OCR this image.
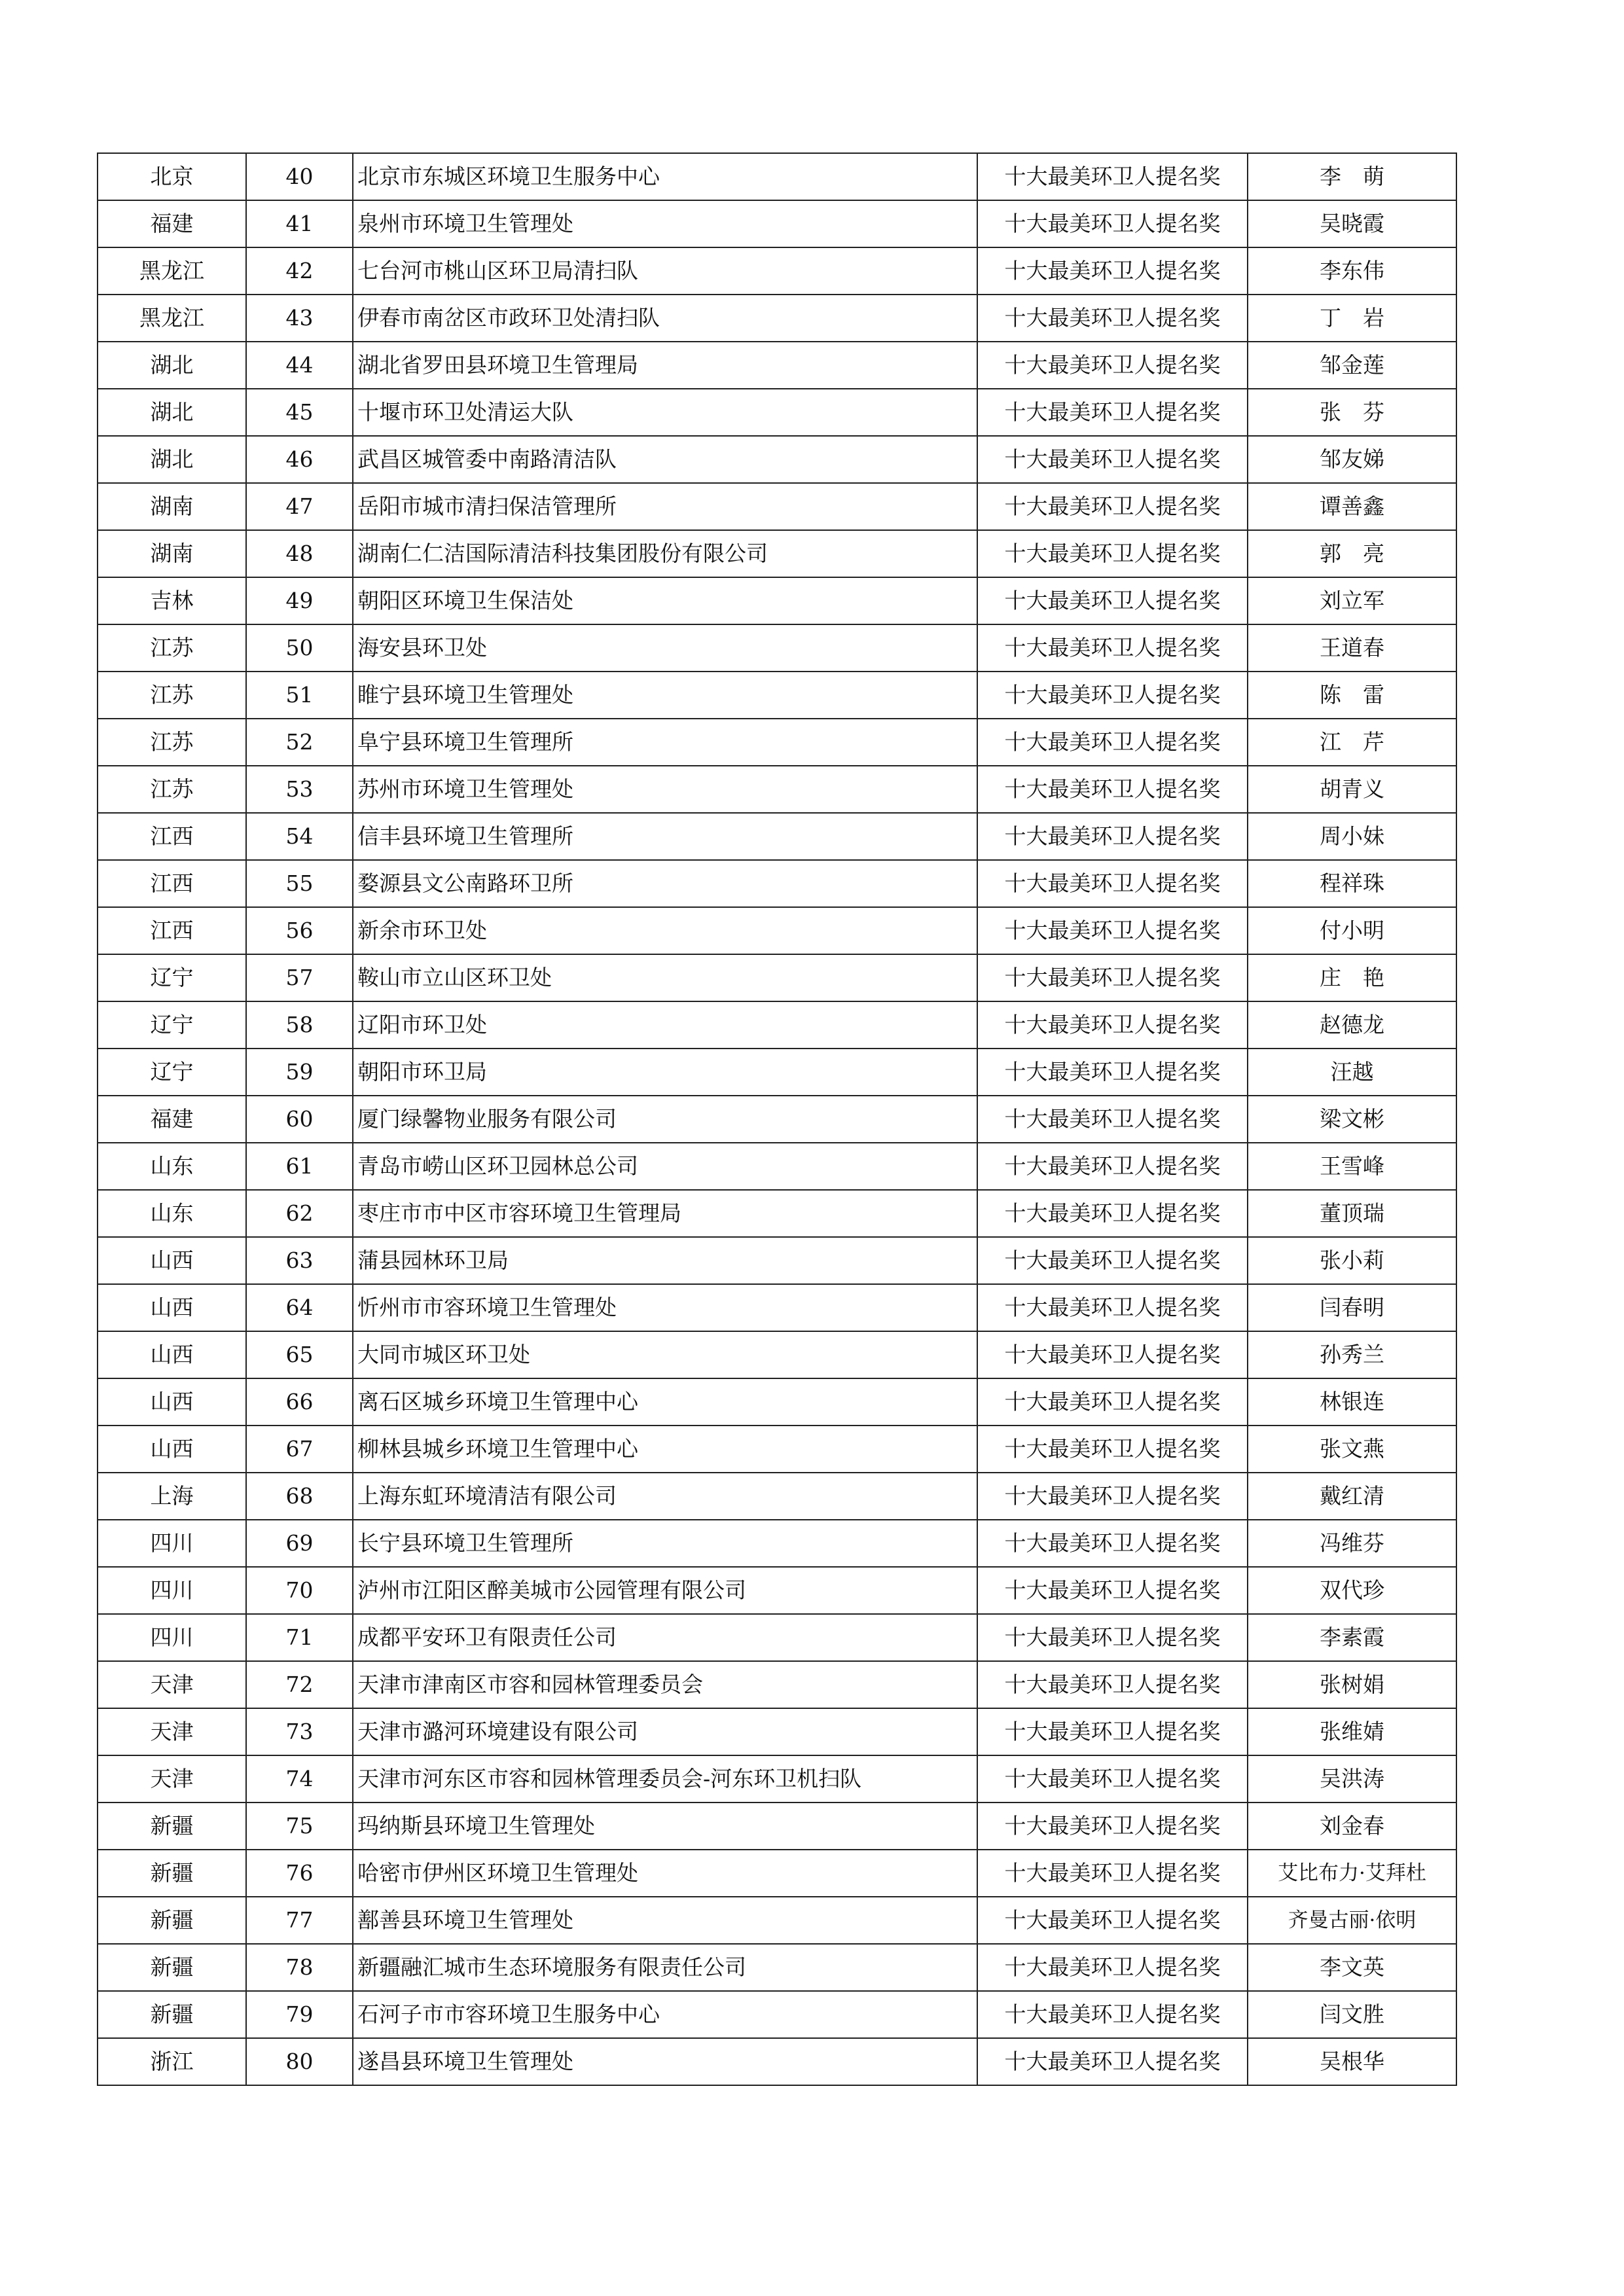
北京	40	北京市东城区环境卫生服务中心	十大最美环卫人提名奖	李　萌
福建	41	泉州市环境卫生管理处	十大最美环卫人提名奖	吴晓霞
黑龙江	42	七台河市桃山区环卫局清扫队	十大最美环卫人提名奖	李东伟
黑龙江	43	伊春市南岔区市政环卫处清扫队	十大最美环卫人提名奖	丁　岩
湖北	44	湖北省罗田县环境卫生管理局	十大最美环卫人提名奖	邹金莲
湖北	45	十堰市环卫处清运大队	十大最美环卫人提名奖	张　芬
湖北	46	武昌区城管委中南路清洁队	十大最美环卫人提名奖	邹友娣
湖南	47	岳阳市城市清扫保洁管理所	十大最美环卫人提名奖	谭善鑫
湖南	48	湖南仁仁洁国际清洁科技集团股份有限公司	十大最美环卫人提名奖	郭　亮
吉林	49	朝阳区环境卫生保洁处	十大最美环卫人提名奖	刘立军
江苏	50	海安县环卫处	十大最美环卫人提名奖	王道春
江苏	51	睢宁县环境卫生管理处	十大最美环卫人提名奖	陈　雷
江苏	52	阜宁县环境卫生管理所	十大最美环卫人提名奖	江　芹
江苏	53	苏州市环境卫生管理处	十大最美环卫人提名奖	胡青义
江西	54	信丰县环境卫生管理所	十大最美环卫人提名奖	周小妹
江西	55	婺源县文公南路环卫所	十大最美环卫人提名奖	程祥珠
江西	56	新余市环卫处	十大最美环卫人提名奖	付小明
辽宁	57	鞍山市立山区环卫处	十大最美环卫人提名奖	庄　艳
辽宁	58	辽阳市环卫处	十大最美环卫人提名奖	赵德龙
辽宁	59	朝阳市环卫局	十大最美环卫人提名奖	汪越
福建	60	厦门绿馨物业服务有限公司	十大最美环卫人提名奖	梁文彬
山东	61	青岛市崂山区环卫园林总公司	十大最美环卫人提名奖	王雪峰
山东	62	枣庄市市中区市容环境卫生管理局	十大最美环卫人提名奖	董顶瑞
山西	63	蒲县园林环卫局	十大最美环卫人提名奖	张小莉
山西	64	忻州市市容环境卫生管理处	十大最美环卫人提名奖	闫春明
山西	65	大同市城区环卫处	十大最美环卫人提名奖	孙秀兰
山西	66	离石区城乡环境卫生管理中心	十大最美环卫人提名奖	林银连
山西	67	柳林县城乡环境卫生管理中心	十大最美环卫人提名奖	张文燕
上海	68	上海东虹环境清洁有限公司	十大最美环卫人提名奖	戴红清
四川	69	长宁县环境卫生管理所	十大最美环卫人提名奖	冯维芬
四川	70	泸州市江阳区醉美城市公园管理有限公司	十大最美环卫人提名奖	双代珍
四川	71	成都平安环卫有限责任公司	十大最美环卫人提名奖	李素霞
天津	72	天津市津南区市容和园林管理委员会	十大最美环卫人提名奖	张树娟
天津	73	天津市潞河环境建设有限公司	十大最美环卫人提名奖	张维婧
天津	74	天津市河东区市容和园林管理委员会-河东环卫机扫队	十大最美环卫人提名奖	吴洪涛
新疆	75	玛纳斯县环境卫生管理处	十大最美环卫人提名奖	刘金春
新疆	76	哈密市伊州区环境卫生管理处	十大最美环卫人提名奖	艾比布力·艾拜杜
新疆	77	鄯善县环境卫生管理处	十大最美环卫人提名奖	齐曼古丽·依明
新疆	78	新疆融汇城市生态环境服务有限责任公司	十大最美环卫人提名奖	李文英
新疆	79	石河子市市容环境卫生服务中心	十大最美环卫人提名奖	闫文胜
浙江	80	遂昌县环境卫生管理处	十大最美环卫人提名奖	吴根华
